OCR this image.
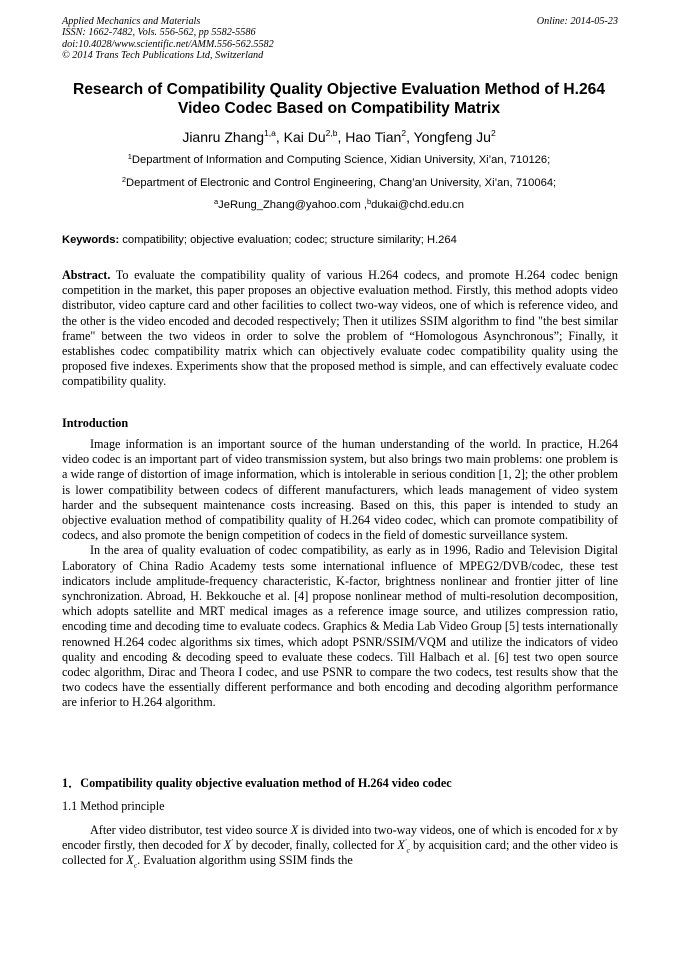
Applied Mechanics and Materials
ISSN: 1662-7482, Vols. 556-562, pp 5582-5586
doi:10.4028/www.scientific.net/AMM.556-562.5582
© 2014 Trans Tech Publications Ltd, Switzerland
Online: 2014-05-23
Research of Compatibility Quality Objective Evaluation Method of H.264
Video Codec Based on Compatibility Matrix
Jianru Zhang$^{1,a}$, Kai Du$^{2,b}$, Hao Tian$^2$, Yongfeng Ju$^2$
$^1$Department of Information and Computing Science, Xidian University, Xi’an, 710126;
$^2$Department of Electronic and Control Engineering, Chang’an University, Xi’an, 710064;
$^a$JeRung_Zhang@yahoo.com ,$^b$dukai@chd.edu.cn
Keywords: compatibility; objective evaluation; codec; structure similarity; H.264

Abstract. To evaluate the compatibility quality of various H.264 codecs, and promote H.264 codec benign competition in the market, this paper proposes an objective evaluation method. Firstly, this method adopts video distributor, video capture card and other facilities to collect two-way videos, one of which is reference video, and the other is the video encoded and decoded respectively; Then it utilizes SSIM algorithm to find "the best similar frame" between the two videos in order to solve the problem of “Homologous Asynchronous”; Finally, it establishes codec compatibility matrix which can objectively evaluate codec compatibility quality using the proposed five indexes. Experiments show that the proposed method is simple, and can effectively evaluate codec compatibility quality.

Introduction

Image information is an important source of the human understanding of the world. In practice, H.264 video codec is an important part of video transmission system, but also brings two main problems: one problem is a wide range of distortion of image information, which is intolerable in serious condition [1, 2]; the other problem is lower compatibility between codecs of different manufacturers, which leads management of video system harder and the subsequent maintenance costs increasing. Based on this, this paper is intended to study an objective evaluation method of compatibility quality of H.264 video codec, which can promote compatibility of codecs, and also promote the benign competition of codecs in the field of domestic surveillance system.

In the area of quality evaluation of codec compatibility, as early as in 1996, Radio and Television Digital Laboratory of China Radio Academy tests some international influence of MPEG2/DVB/codec, these test indicators include amplitude-frequency characteristic, K-factor, brightness nonlinear and frontier jitter of line synchronization. Abroad, H. Bekkouche et al. [4] propose nonlinear method of multi-resolution decomposition, which adopts satellite and MRT medical images as a reference image source, and utilizes compression ratio, encoding time and decoding time to evaluate codecs. Graphics & Media Lab Video Group [5] tests internationally renowned H.264 codec algorithms six times, which adopt PSNR/SSIM/VQM and utilize the indicators of video quality and encoding & decoding speed to evaluate these codecs. Till Halbach et al. [6] test two open source codec algorithm, Dirac and Theora I codec, and use PSNR to compare the two codecs, test results show that the two codecs have the essentially different performance and both encoding and decoding algorithm performance are inferior to H.264 algorithm.

1．Compatibility quality objective evaluation method of H.264 video codec
1.1 Method principle

After video distributor, test video source X is divided into two-way videos, one of which is encoded for x by encoder firstly, then decoded for X' by decoder, finally, collected for $X'_c$ by acquisition card; and the other video is collected for $X_c$. Evaluation algorithm using SSIM finds the
